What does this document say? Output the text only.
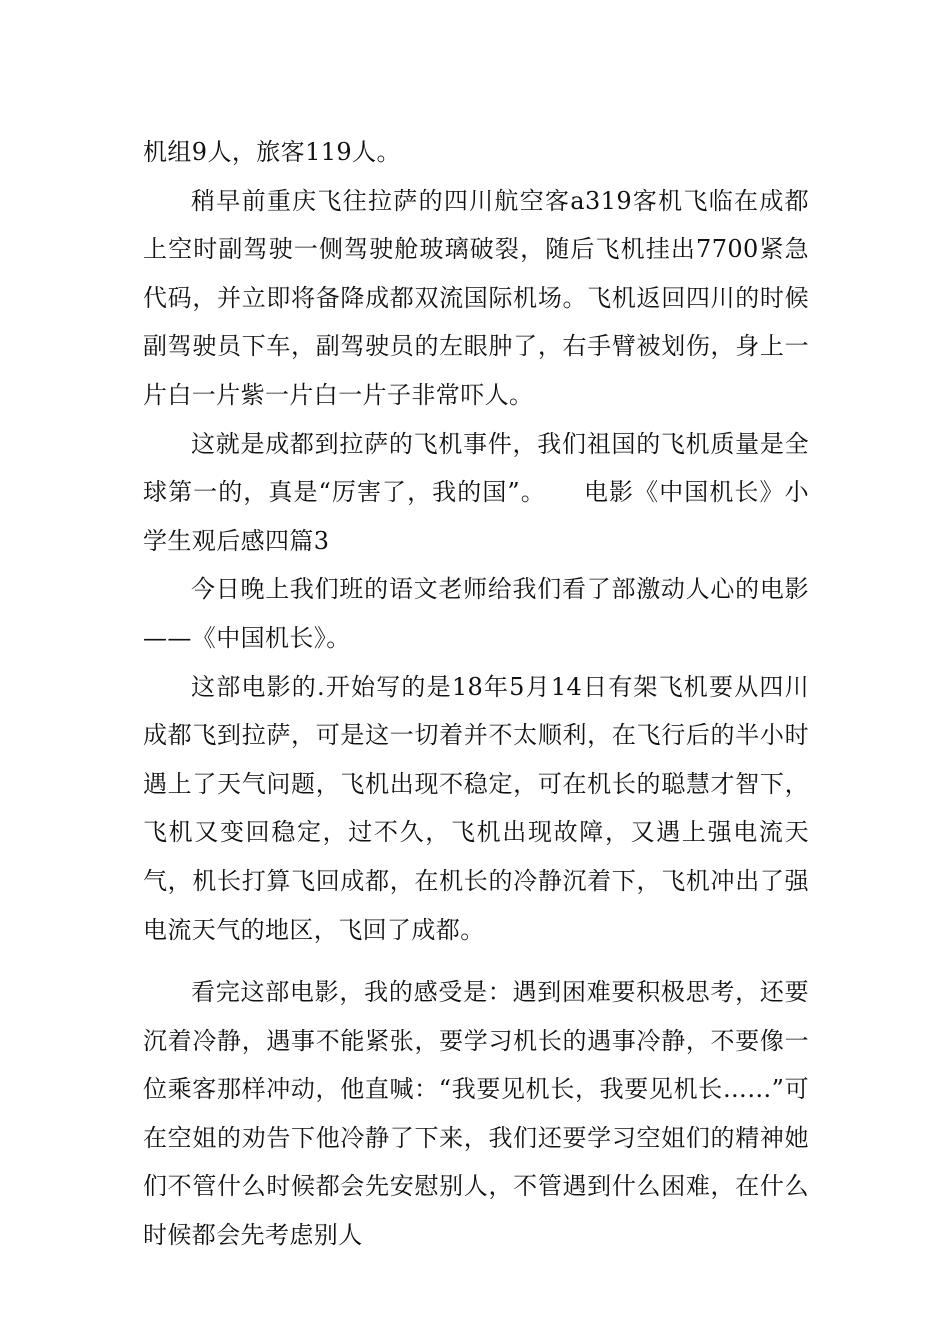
机组9人，旅客119人。

稍早前重庆飞往拉萨的四川航空客a319客机飞临在成都上空时副驾驶一侧驾驶舱玻璃破裂，随后飞机挂出7700紧急代码，并立即将备降成都双流国际机场。飞机返回四川的时候副驾驶员下车，副驾驶员的左眼肿了，右手臂被划伤，身上一片白一片紫一片白一片子非常吓人。

这就是成都到拉萨的飞机事件，我们祖国的飞机质量是全球第一的，真是“厉害了，我的国”。　　电影《中国机长》小学生观后感四篇3

今日晚上我们班的语文老师给我们看了部激动人心的电影——《中国机长》。

这部电影的.开始写的是18年5月14日有架飞机要从四川成都飞到拉萨，可是这一切着并不太顺利，在飞行后的半小时遇上了天气问题，飞机出现不稳定，可在机长的聪慧才智下，飞机又变回稳定，过不久，飞机出现故障，又遇上强电流天气，机长打算飞回成都，在机长的冷静沉着下，飞机冲出了强电流天气的地区，飞回了成都。

看完这部电影，我的感受是：遇到困难要积极思考，还要沉着冷静，遇事不能紧张，要学习机长的遇事冷静，不要像一位乘客那样冲动，他直喊：“我要见机长，我要见机长……”可在空姐的劝告下他冷静了下来，我们还要学习空姐们的精神她们不管什么时候都会先安慰别人，不管遇到什么困难，在什么时候都会先考虑别人
